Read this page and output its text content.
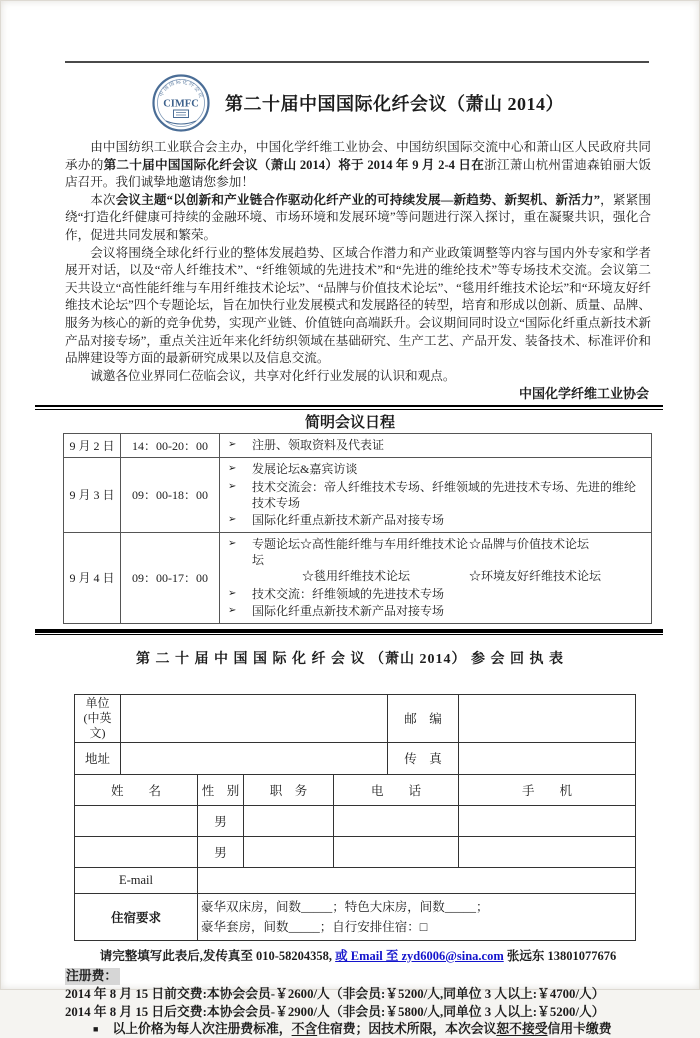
中国国际化纤会议
CIMFC 第二十届中国国际化纤会议（萧山 2014）

由中国纺织工业联合会主办，中国化学纤维工业协会、中国纺织国际交流中心和萧山区人民政府共同承办的第二十届中国国际化纤会议（萧山 2014）将于 2014 年 9 月 2-4 日在浙江萧山杭州雷迪森铂丽大饭店召开。我们诚挚地邀请您参加！

本次会议主题“以创新和产业链合作驱动化纤产业的可持续发展—新趋势、新契机、新活力”，紧紧围绕“打造化纤健康可持续的金融环境、市场环境和发展环境”等问题进行深入探讨，重在凝聚共识，强化合作，促进共同发展和繁荣。

会议将围绕全球化纤行业的整体发展趋势、区域合作潜力和产业政策调整等内容与国内外专家和学者展开对话，以及“帝人纤维技术”、“纤维领域的先进技术”和“先进的维纶技术”等专场技术交流。会议第二天共设立“高性能纤维与车用纤维技术论坛”、“品牌与价值技术论坛”、“毯用纤维技术论坛”和“环境友好纤维技术论坛”四个专题论坛，旨在加快行业发展模式和发展路径的转型，培育和形成以创新、质量、品牌、服务为核心的新的竞争优势，实现产业链、价值链向高端跃升。会议期间同时设立“国际化纤重点新技术新产品对接专场”，重点关注近年来化纤纺织领域在基础研究、生产工艺、产品开发、装备技术、标准评价和品牌建设等方面的最新研究成果以及信息交流。

诚邀各位业界同仁莅临会议，共享对化纤行业发展的认识和观点。

中国化学纤维工业协会
简明会议日程
9 月 2 日	14：00-20：00	➢ 注册、领取资料及代表证

9 月 3 日	09：00-18：00	
➢	发展论坛&嘉宾访谈
➢	技术交流会：帝人纤维技术专场、纤维领域的先进技术专场、先进的维纶技术专场
➢	国际化纤重点新技术新产品对接专场

9 月 4 日	09：00-17：00	
➢	专题论坛☆高性能纤维与车用纤维技术论坛
☆品牌与价值技术论坛
☆毯用纤维技术论坛	☆环境友好纤维技术论坛
➢	技术交流：纤维领域的先进技术专场
➢	国际化纤重点新技术新产品对接专场
第 二 十 届 中 国 国 际 化 纤 会 议 （萧山 2014） 参 会 回 执 表
单位
(中英文)					邮　编	
地址					传　真	
姓　　名		性　别	职　务	电　　话		手　　机
		男				
		男				
E-mail						
住宿要求		豪华双床房，间数_____；特色大床房，间数_____；
豪华套房，间数_____；自行安排住宿：□				
请完整填写此表后,发传真至 010-58204358, 或 Email 至 zyd6006@sina.com 张远东 13801077676
注册费：
2014 年 8 月 15 日前交费:本协会会员-￥2600/人（非会员:￥5200/人,同单位 3 人以上:￥4700/人）
2014 年 8 月 15 日后交费:本协会会员-￥2900/人（非会员:￥5800/人,同单位 3 人以上:￥5200/人）
■ 以上价格为每人次注册费标准，不含住宿费；因技术所限，本次会议恕不接受信用卡缴费
